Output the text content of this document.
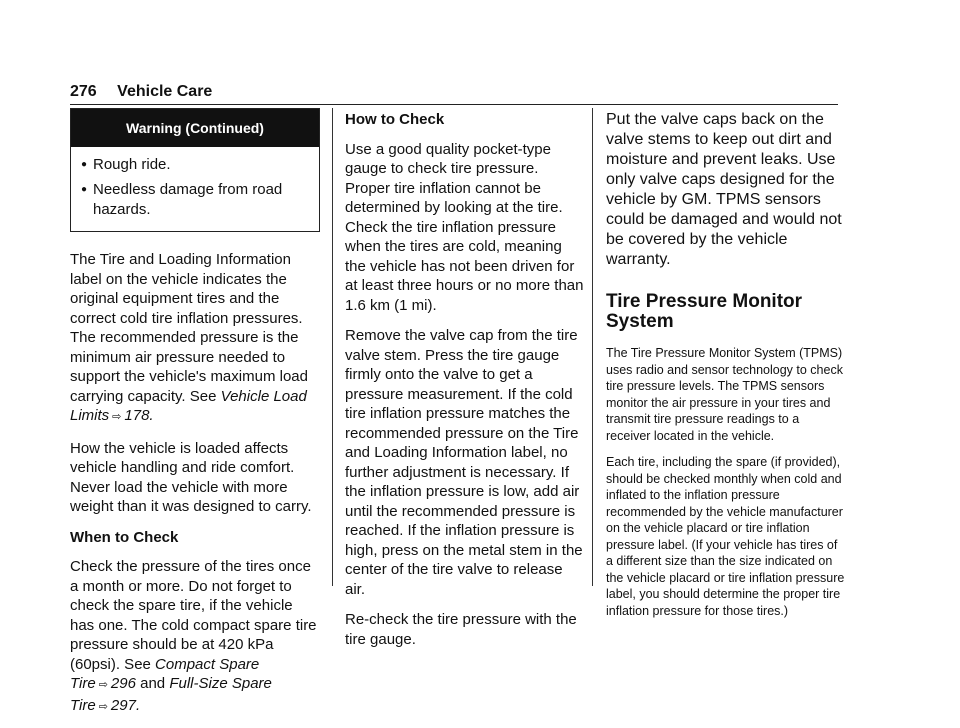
276 Vehicle Care
Warning (Continued)
● Rough ride.
● Needless damage from road hazards.

The Tire and Loading Information label on the vehicle indicates the original equipment tires and the correct cold tire inflation pressures. The recommended pressure is the minimum air pressure needed to support the vehicle's maximum load carrying capacity. See Vehicle Load Limits ⇨ 178.

How the vehicle is loaded affects vehicle handling and ride comfort. Never load the vehicle with more weight than it was designed to carry.

When to Check

Check the pressure of the tires once a month or more. Do not forget to check the spare tire, if the vehicle has one. The cold compact spare tire pressure should be at 420 kPa (60psi). See Compact Spare Tire ⇨ 296 and Full-Size Spare Tire ⇨ 297.

How to Check

Use a good quality pocket-type gauge to check tire pressure. Proper tire inflation cannot be determined by looking at the tire. Check the tire inflation pressure when the tires are cold, meaning the vehicle has not been driven for at least three hours or no more than 1.6 km (1 mi).

Remove the valve cap from the tire valve stem. Press the tire gauge firmly onto the valve to get a pressure measurement. If the cold tire inflation pressure matches the recommended pressure on the Tire and Loading Information label, no further adjustment is necessary. If the inflation pressure is low, add air until the recommended pressure is reached. If the inflation pressure is high, press on the metal stem in the center of the tire valve to release air.

Re-check the tire pressure with the tire gauge.

Put the valve caps back on the valve stems to keep out dirt and moisture and prevent leaks. Use only valve caps designed for the vehicle by GM. TPMS sensors could be damaged and would not be covered by the vehicle warranty.

Tire Pressure Monitor System

The Tire Pressure Monitor System (TPMS) uses radio and sensor technology to check tire pressure levels. The TPMS sensors monitor the air pressure in your tires and transmit tire pressure readings to a receiver located in the vehicle.

Each tire, including the spare (if provided), should be checked monthly when cold and inflated to the inflation pressure recommended by the vehicle manufacturer on the vehicle placard or tire inflation pressure label. (If your vehicle has tires of a different size than the size indicated on the vehicle placard or tire inflation pressure label, you should determine the proper tire inflation pressure for those tires.)
